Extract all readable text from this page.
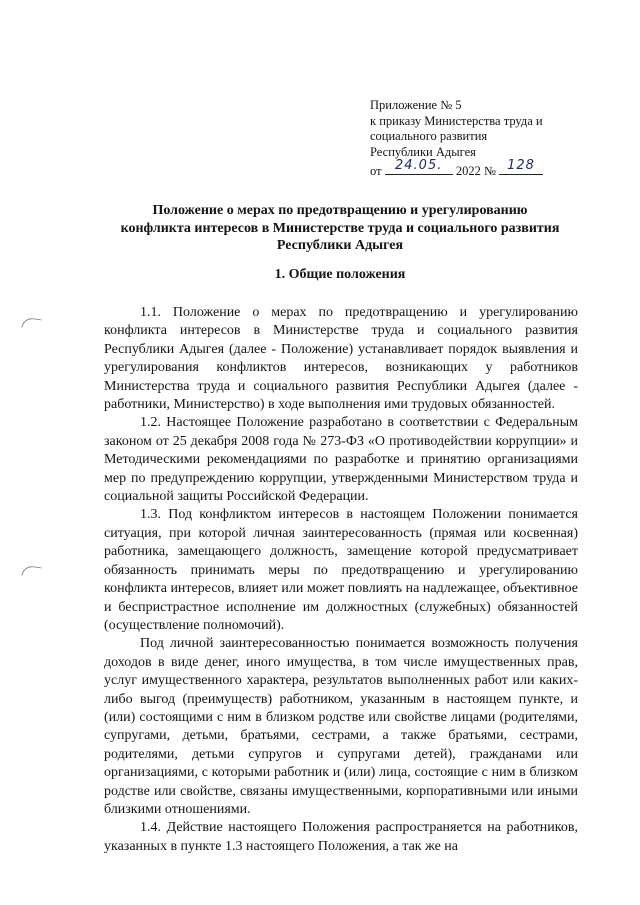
Приложение № 5
к приказу Министерства труда и
социального развития
Республики Адыгея
от	24.05.	2022 № 128
Положение о мерах по предотвращению и урегулированию
конфликта интересов в Министерстве труда и социального развития
Республики Адыгея
1. Общие положения

1.1. Положение о мерах по предотвращению и урегулированию конфликта интересов в Министерстве труда и социального развития Республики Адыгея (далее - Положение) устанавливает порядок выявления и урегулирования конфликтов интересов, возникающих у работников Министерства труда и социального развития Республики Адыгея (далее - работники, Министерство) в ходе выполнения ими трудовых обязанностей.

1.2. Настоящее Положение разработано в соответствии с Федеральным законом от 25 декабря 2008 года № 273-ФЗ «О противодействии коррупции» и Методическими рекомендациями по разработке и принятию организациями мер по предупреждению коррупции, утвержденными Министерством труда и социальной защиты Российской Федерации.

1.3. Под конфликтом интересов в настоящем Положении понимается ситуация, при которой личная заинтересованность (прямая или косвенная) работника, замещающего должность, замещение которой предусматривает обязанность принимать меры по предотвращению и урегулированию конфликта интересов, влияет или может повлиять на надлежащее, объективное и беспристрастное исполнение им должностных (служебных) обязанностей (осуществление полномочий).

Под личной заинтересованностью понимается возможность получения доходов в виде денег, иного имущества, в том числе имущественных прав, услуг имущественного характера, результатов выполненных работ или каких-либо выгод (преимуществ) работником, указанным в настоящем пункте, и (или) состоящими с ним в близком родстве или свойстве лицами (родителями, супругами, детьми, братьями, сестрами, а также братьями, сестрами, родителями, детьми супругов и супругами детей), гражданами или организациями, с которыми работник и (или) лица, состоящие с ним в близком родстве или свойстве, связаны имущественными, корпоративными или иными близкими отношениями.

1.4. Действие настоящего Положения распространяется на работников, указанных в пункте 1.3 настоящего Положения, а так же на
